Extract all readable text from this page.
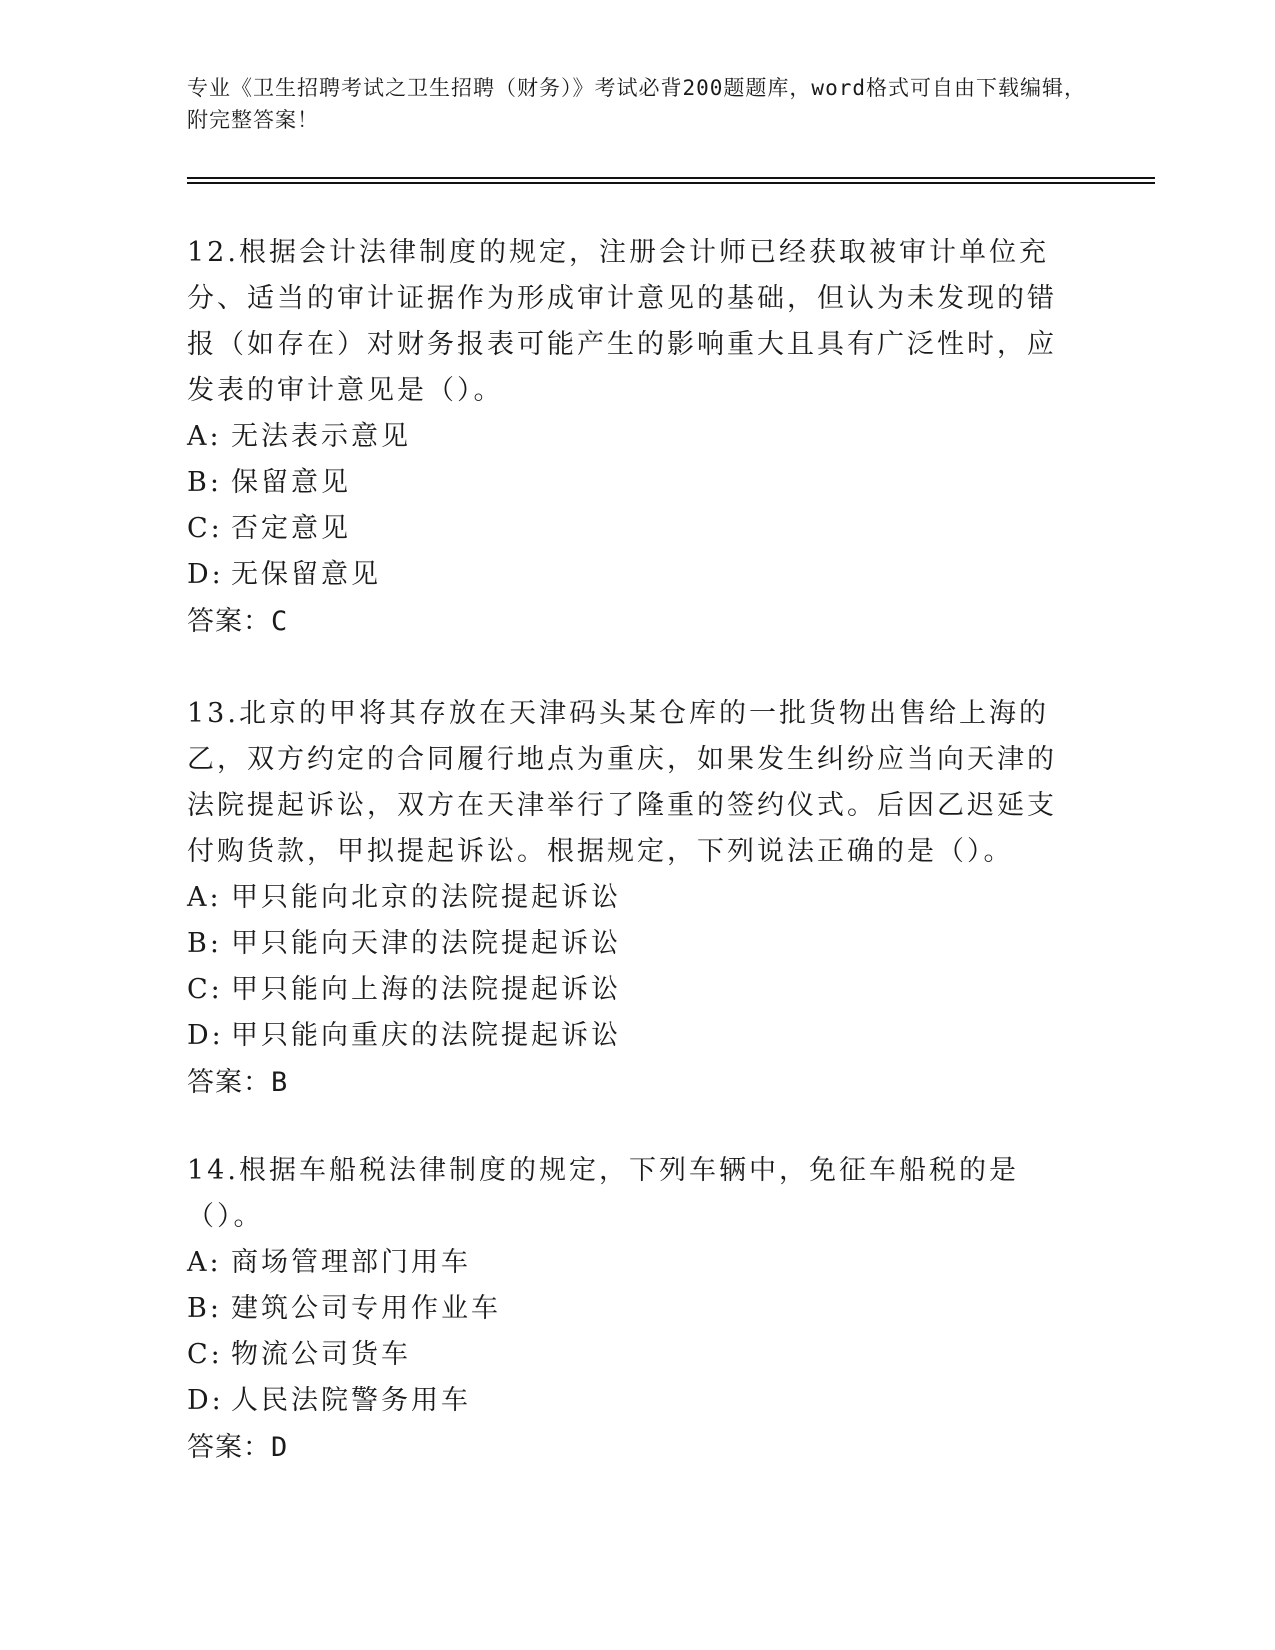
专业《卫生招聘考试之卫生招聘（财务）》考试必背200题题库，word格式可自由下载编辑，附完整答案！

12.根据会计法律制度的规定，注册会计师已经获取被审计单位充分、适当的审计证据作为形成审计意见的基础，但认为未发现的错报（如存在）对财务报表可能产生的影响重大且具有广泛性时，应发表的审计意见是（）。

A: 无法表示意见
B: 保留意见
C: 否定意见
D: 无保留意见
答案：C

13.北京的甲将其存放在天津码头某仓库的一批货物出售给上海的乙，双方约定的合同履行地点为重庆，如果发生纠纷应当向天津的法院提起诉讼，双方在天津举行了隆重的签约仪式。后因乙迟延支付购货款，甲拟提起诉讼。根据规定，下列说法正确的是（）。

A: 甲只能向北京的法院提起诉讼
B: 甲只能向天津的法院提起诉讼
C: 甲只能向上海的法院提起诉讼
D: 甲只能向重庆的法院提起诉讼
答案：B

14.根据车船税法律制度的规定，下列车辆中，免征车船税的是（）。

A: 商场管理部门用车
B: 建筑公司专用作业车
C: 物流公司货车
D: 人民法院警务用车
答案：D
